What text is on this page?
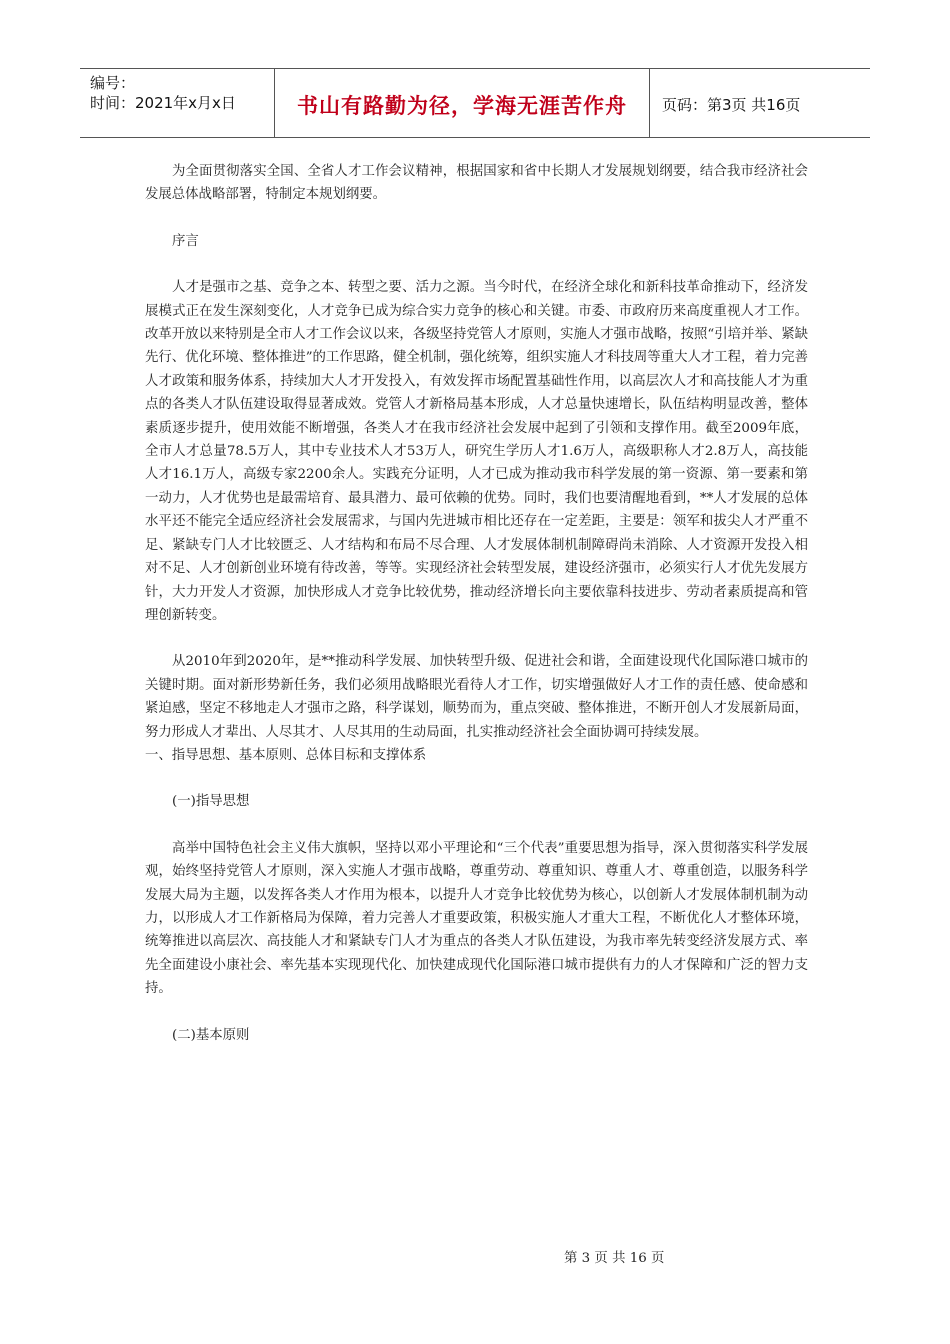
编号：
时间：2021年x月x日	书山有路勤为径，学海无涯苦作舟	页码：第3页 共16页

为全面贯彻落实全国、全省人才工作会议精神，根据国家和省中长期人才发展规划纲要，结合我市经济社会发展总体战略部署，特制定本规划纲要。

序言

人才是强市之基、竞争之本、转型之要、活力之源。当今时代，在经济全球化和新科技革命推动下，经济发展模式正在发生深刻变化，人才竞争已成为综合实力竞争的核心和关键。市委、市政府历来高度重视人才工作。改革开放以来特别是全市人才工作会议以来，各级坚持党管人才原则，实施人才强市战略，按照“引培并举、紧缺先行、优化环境、整体推进”的工作思路，健全机制，强化统筹，组织实施人才科技周等重大人才工程，着力完善人才政策和服务体系，持续加大人才开发投入，有效发挥市场配置基础性作用，以高层次人才和高技能人才为重点的各类人才队伍建设取得显著成效。党管人才新格局基本形成，人才总量快速增长，队伍结构明显改善，整体素质逐步提升，使用效能不断增强，各类人才在我市经济社会发展中起到了引领和支撑作用。截至2009年底，全市人才总量78.5万人，其中专业技术人才53万人，研究生学历人才1.6万人，高级职称人才2.8万人，高技能人才16.1万人，高级专家2200余人。实践充分证明，人才已成为推动我市科学发展的第一资源、第一要素和第一动力，人才优势也是最需培育、最具潜力、最可依赖的优势。同时，我们也要清醒地看到，**人才发展的总体水平还不能完全适应经济社会发展需求，与国内先进城市相比还存在一定差距，主要是：领军和拔尖人才严重不足、紧缺专门人才比较匮乏、人才结构和布局不尽合理、人才发展体制机制障碍尚未消除、人才资源开发投入相对不足、人才创新创业环境有待改善，等等。实现经济社会转型发展，建设经济强市，必须实行人才优先发展方针，大力开发人才资源，加快形成人才竞争比较优势，推动经济增长向主要依靠科技进步、劳动者素质提高和管理创新转变。

从2010年到2020年，是**推动科学发展、加快转型升级、促进社会和谐，全面建设现代化国际港口城市的关键时期。面对新形势新任务，我们必须用战略眼光看待人才工作，切实增强做好人才工作的责任感、使命感和紧迫感，坚定不移地走人才强市之路，科学谋划，顺势而为，重点突破、整体推进，不断开创人才发展新局面，努力形成人才辈出、人尽其才、人尽其用的生动局面，扎实推动经济社会全面协调可持续发展。

一、指导思想、基本原则、总体目标和支撑体系

(一)指导思想

高举中国特色社会主义伟大旗帜，坚持以邓小平理论和“三个代表”重要思想为指导，深入贯彻落实科学发展观，始终坚持党管人才原则，深入实施人才强市战略，尊重劳动、尊重知识、尊重人才、尊重创造，以服务科学发展大局为主题，以发挥各类人才作用为根本，以提升人才竞争比较优势为核心，以创新人才发展体制机制为动力，以形成人才工作新格局为保障，着力完善人才重要政策，积极实施人才重大工程，不断优化人才整体环境，统筹推进以高层次、高技能人才和紧缺专门人才为重点的各类人才队伍建设，为我市率先转变经济发展方式、率先全面建设小康社会、率先基本实现现代化、加快建成现代化国际港口城市提供有力的人才保障和广泛的智力支持。

(二)基本原则

第 3 页 共 16 页
